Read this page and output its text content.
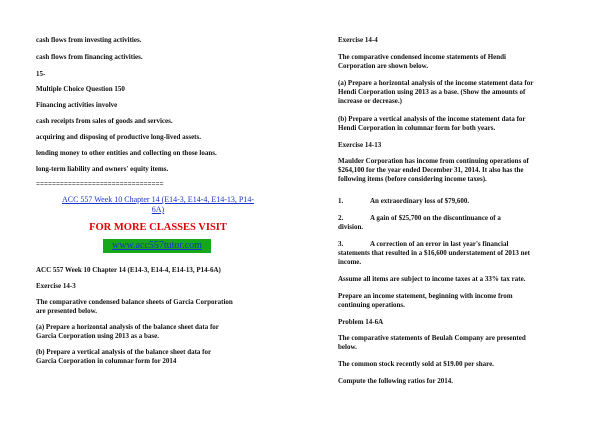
cash flows from investing activities.

cash flows from financing activities.

15-

Multiple Choice Question 150

Financing activities involve

cash receipts from sales of goods and services.

acquiring and disposing of productive long-lived assets.

lending money to other entities and collecting on those loans.

long-term liability and owners' equity items.

================================

ACC 557 Week 10 Chapter 14 (E14-3, E14-4, E14-13, P14-
6A)
FOR MORE CLASSES VISIT
www.acc557tutor.com

ACC 557 Week 10 Chapter 14 (E14-3, E14-4, E14-13, P14-6A)

Exercise 14-3

The comparative condensed balance sheets of Garcia Corporation

are presented below.

(a) Prepare a horizontal analysis of the balance sheet data for

Garcia Corporation using 2013 as a base.

(b) Prepare a vertical analysis of the balance sheet data for

Garcia Corporation in columnar form for 2014

Exercise 14-4

The comparative condensed income statements of Hendi

Corporation are shown below.

(a) Prepare a horizontal analysis of the income statement data for

Hendi Corporation using 2013 as a base. (Show the amounts of

increase or decrease.)

(b) Prepare a vertical analysis of the income statement data for

Hendi Corporation in columnar form for both years.

Exercise 14-13

Maulder Corporation has income from continuing operations of

$264,100 for the year ended December 31, 2014. It also has the

following items (before considering income taxes).

1.	An extraordinary loss of $79,600.
2.	A gain of $25,700 on the discontinuance of a

division.

3.	A correction of an error in last year's financial

statements that resulted in a $16,600 understatement of 2013 net

income.

Assume all items are subject to income taxes at a 33% tax rate.

Prepare an income statement, beginning with income from

continuing operations.

Problem 14-6A

The comparative statements of Beulah Company are presented

below.

The common stock recently sold at $19.00 per share.

Compute the following ratios for 2014.
